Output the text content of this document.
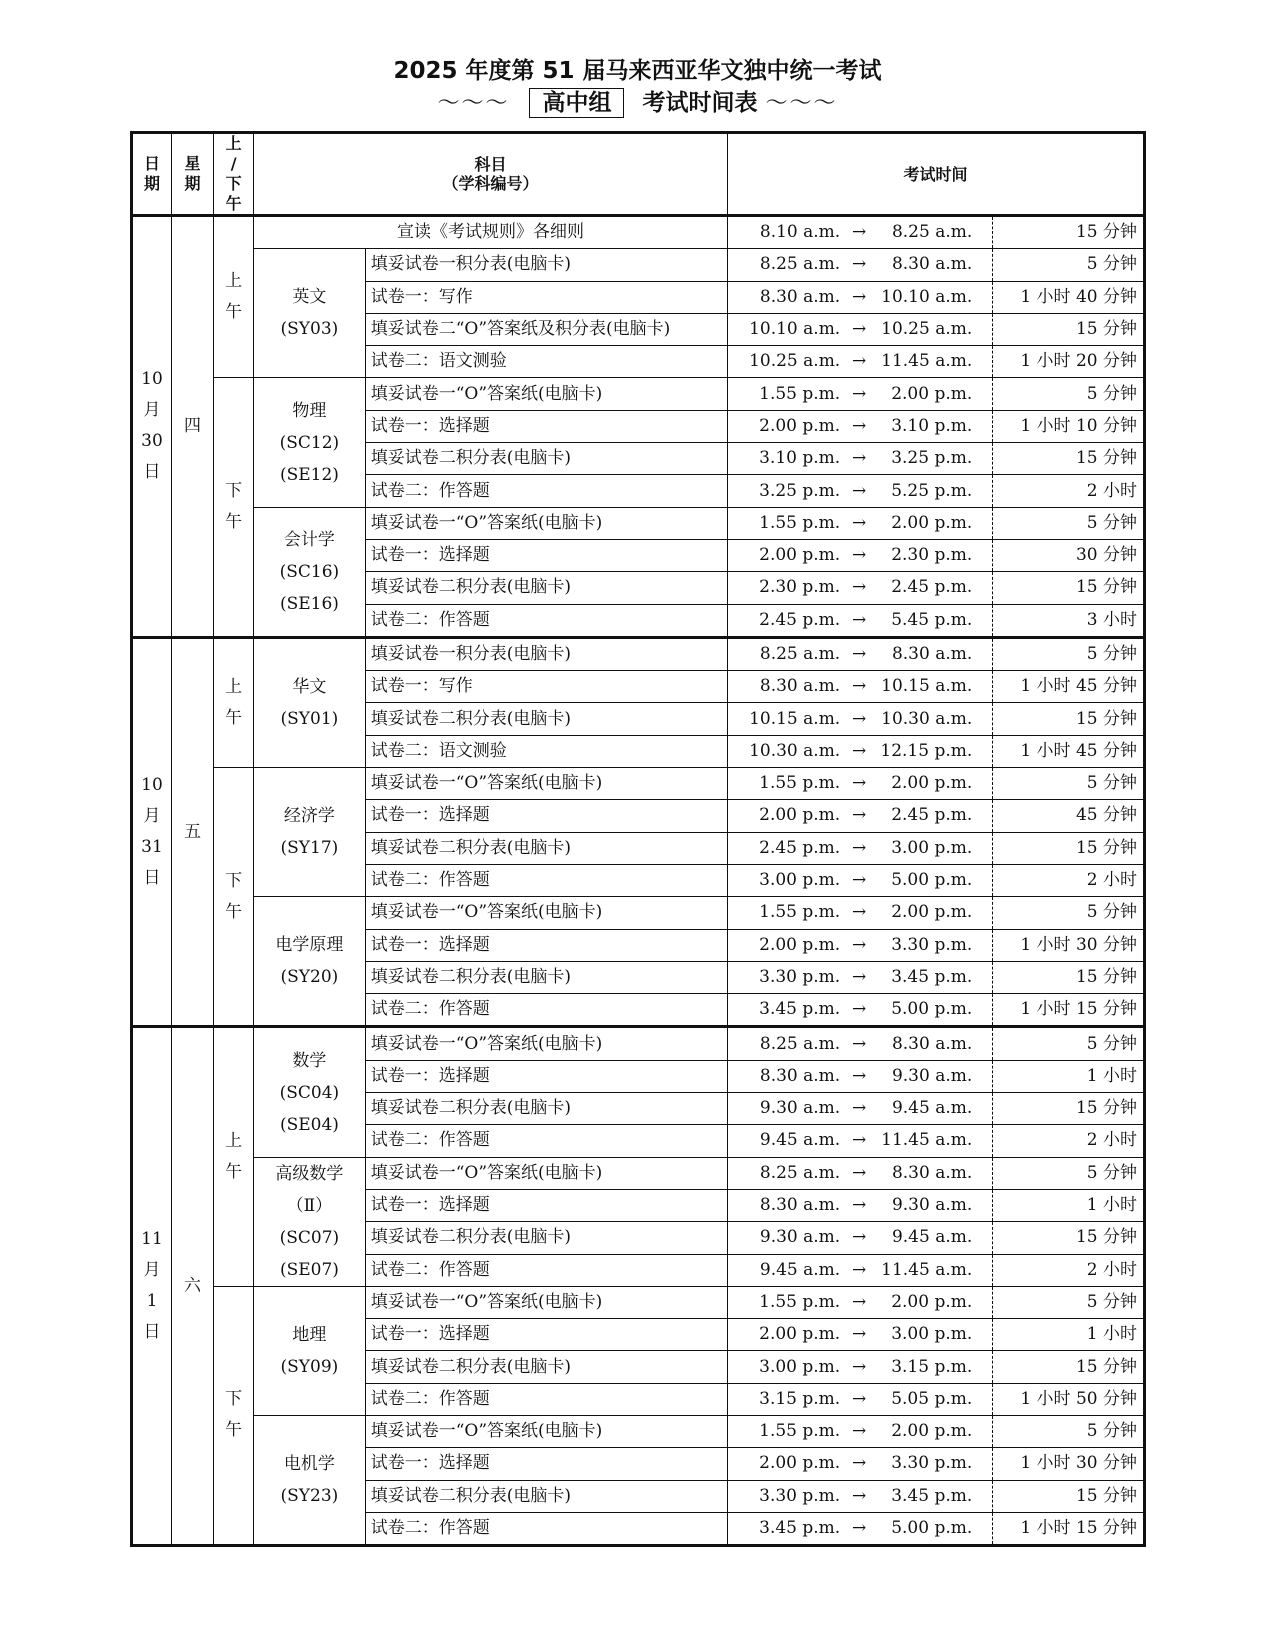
2025 年度第 51 届马来西亚华文独中统一考试
～～～ 高中组 考试时间表 ～～～
日
期	星
期	上
/
下
午	科目
（学科编号）		考试时间			

10
月
30
日	四	上
午	宣读《考试规则》各细则		8.10 a.m.	→	8.25 a.m.	15 分钟

			英文
(SY03)	填妥试卷一积分表(电脑卡)	8.25 a.m.	→	8.30 a.m.	5 分钟
				试卷一：写作	8.30 a.m.	→	10.10 a.m.	1 小时 40 分钟
				填妥试卷二“O”答案纸及积分表(电脑卡)	10.10 a.m.	→	10.25 a.m.	15 分钟
				试卷二：语文测验	10.25 a.m.	→	11.45 a.m.	1 小时 20 分钟

		下
午	物理
(SC12)
(SE12)	填妥试卷一“O”答案纸(电脑卡)	1.55 p.m.	→	2.00 p.m.	5 分钟
				试卷一：选择题	2.00 p.m.	→	3.10 p.m.	1 小时 10 分钟
				填妥试卷二积分表(电脑卡)	3.10 p.m.	→	3.25 p.m.	15 分钟
				试卷二：作答题	3.25 p.m.	→	5.25 p.m.	2 小时

			会计学
(SC16)
(SE16)	填妥试卷一“O”答案纸(电脑卡)	1.55 p.m.	→	2.00 p.m.	5 分钟
				试卷一：选择题	2.00 p.m.	→	2.30 p.m.	30 分钟
				填妥试卷二积分表(电脑卡)	2.30 p.m.	→	2.45 p.m.	15 分钟
				试卷二：作答题	2.45 p.m.	→	5.45 p.m.	3 小时

10
月
31
日	五	上
午	华文
(SY01)	填妥试卷一积分表(电脑卡)	8.25 a.m.	→	8.30 a.m.	5 分钟
				试卷一：写作	8.30 a.m.	→	10.15 a.m.	1 小时 45 分钟
				填妥试卷二积分表(电脑卡)	10.15 a.m.	→	10.30 a.m.	15 分钟
				试卷二：语文测验	10.30 a.m.	→	12.15 p.m.	1 小时 45 分钟

		下
午	经济学
(SY17)	填妥试卷一“O”答案纸(电脑卡)	1.55 p.m.	→	2.00 p.m.	5 分钟
				试卷一：选择题	2.00 p.m.	→	2.45 p.m.	45 分钟
				填妥试卷二积分表(电脑卡)	2.45 p.m.	→	3.00 p.m.	15 分钟
				试卷二：作答题	3.00 p.m.	→	5.00 p.m.	2 小时

			电学原理
(SY20)	填妥试卷一“O”答案纸(电脑卡)	1.55 p.m.	→	2.00 p.m.	5 分钟
				试卷一：选择题	2.00 p.m.	→	3.30 p.m.	1 小时 30 分钟
				填妥试卷二积分表(电脑卡)	3.30 p.m.	→	3.45 p.m.	15 分钟
				试卷二：作答题	3.45 p.m.	→	5.00 p.m.	1 小时 15 分钟

11
月
1
日	六	上
午	数学
(SC04)
(SE04)	填妥试卷一“O”答案纸(电脑卡)	8.25 a.m.	→	8.30 a.m.	5 分钟
				试卷一：选择题	8.30 a.m.	→	9.30 a.m.	1 小时
				填妥试卷二积分表(电脑卡)	9.30 a.m.	→	9.45 a.m.	15 分钟
				试卷二：作答题	9.45 a.m.	→	11.45 a.m.	2 小时

			高级数学
（Ⅱ）
(SC07)
(SE07)	填妥试卷一“O”答案纸(电脑卡)	8.25 a.m.	→	8.30 a.m.	5 分钟
				试卷一：选择题	8.30 a.m.	→	9.30 a.m.	1 小时
				填妥试卷二积分表(电脑卡)	9.30 a.m.	→	9.45 a.m.	15 分钟
				试卷二：作答题	9.45 a.m.	→	11.45 a.m.	2 小时

		下
午	地理
(SY09)	填妥试卷一“O”答案纸(电脑卡)	1.55 p.m.	→	2.00 p.m.	5 分钟
				试卷一：选择题	2.00 p.m.	→	3.00 p.m.	1 小时
				填妥试卷二积分表(电脑卡)	3.00 p.m.	→	3.15 p.m.	15 分钟
				试卷二：作答题	3.15 p.m.	→	5.05 p.m.	1 小时 50 分钟

			电机学
(SY23)	填妥试卷一“O”答案纸(电脑卡)	1.55 p.m.	→	2.00 p.m.	5 分钟
				试卷一：选择题	2.00 p.m.	→	3.30 p.m.	1 小时 30 分钟
				填妥试卷二积分表(电脑卡)	3.30 p.m.	→	3.45 p.m.	15 分钟
				试卷二：作答题	3.45 p.m.	→	5.00 p.m.	1 小时 15 分钟
